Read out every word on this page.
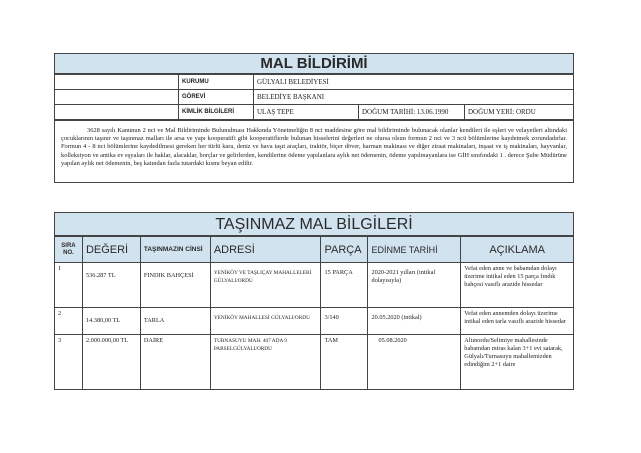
MAL BİLDİRİMİ
	KURUMU	GÜLYALI BELEDİYESİ		
	GÖREVİ	BELEDİYE BAŞKANI		
	KİMLİK BİLGİLERİ	ULAŞ TEPE	DOĞUM TARİHİ: 13.06.1990	DOĞUM YERİ: ORDU
3628 sayılı Kanunun 2 nci ve Mal Bildiriminde Bulunulması Hakkında Yönetmeliğin 8 nci maddesine göre mal bildiriminde bulunacak olanlar kendileri ile eşleri ve velayetleri altındaki çocuklarının taşınır ve taşınmaz malları ile arsa ve yapı kooperatifi gibi kooperatiflerde bulunan hisselerini değerleri ne olursa olsun formun 2 nci ve 3 ncü bölümlerine kaydetmek zorundadırlar. Formun 4 - 8 nci bölümlerine kaydedilmesi gereken her türlü kara, deniz ve hava taşıt araçları, traktör, biçer döver, harman makinası ve diğer ziraat makinaları, inşaat ve iş makinaları, hayvanlar, kolleksiyon ve antika ev eşyaları ile haklar, alacaklar, borçlar ve gelirlerden, kendilerine ödeme yapılanlara aylık net ödemenin, ödeme yapılmayanlara ise GİH sınıfındaki 1 . derece Şube Müdürüne yapılan aylık net ödemenin, beş katından fazla tutardaki kısmı beyan edilir.
TAŞINMAZ MAL BİLGİLERİ
SIRA NO.	DEĞERİ	TAŞINMAZIN CİNSİ	ADRESİ	PARÇA	EDİNME TARİHİ	AÇIKLAMA
1	536.287 TL	FINDIK BAHÇESİ	YENİKÖY VE TAŞLIÇAY MAHALLELERİ GÜLYALI/ORDU	15 PARÇA	2020-2021 yılları (intikal dolayısıyla)	Vefat eden anne ve babamdan dolayı üzerime intikal eden 15 parça fındık bahçesi vasıflı arazide hissedar
2	14.380,00 TL	TARLA	YENİKÖY MAHALLESİ GÜLYALI/ORDU	3/140	20.05.2020 (intikal)	Vefat eden annemden dolayı üzerime intikal eden tarla vasıflı arazide hissedar
3	2.000.000,00 TL	DAİRE	TURNASUYU MAH. 407 ADA 9 PARSELGÜLYALI/ORDU	TAM	05.08.2020	Altınordu/Selimiye mahallesinde babamdan miras kalan 3+1 evi satarak, Gülyalı/Turnasuyu mahallemizden edindiğim 2+1 daire
